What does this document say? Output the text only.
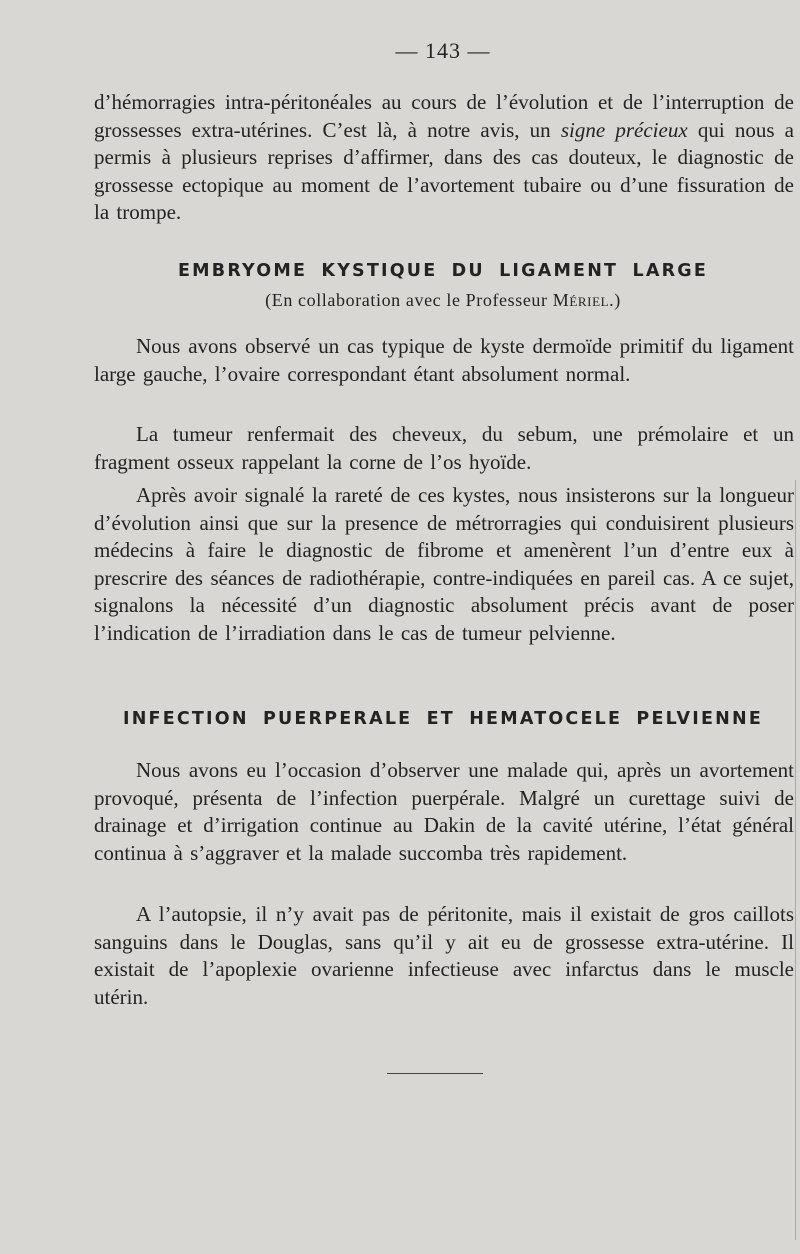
— 143 —

d’hémorragies intra-péritonéales au cours de l’évolution et de l’interruption de grossesses extra-utérines. C’est là, à notre avis, un signe précieux qui nous a permis à plusieurs reprises d’affirmer, dans des cas douteux, le diagnostic de grossesse ectopique au moment de l’avortement tubaire ou d’une fissuration de la trompe.

EMBRYOME KYSTIQUE DU LIGAMENT LARGE

(En collaboration avec le Professeur Mériel.)

Nous avons observé un cas typique de kyste dermoïde primitif du ligament large gauche, l’ovaire correspondant étant absolument normal.

La tumeur renfermait des cheveux, du sebum, une prémolaire et un fragment osseux rappelant la corne de l’os hyoïde.

Après avoir signalé la rareté de ces kystes, nous insisterons sur la longueur d’évolution ainsi que sur la presence de métrorragies qui conduisirent plusieurs médecins à faire le diagnostic de fibrome et amenèrent l’un d’entre eux à prescrire des séances de radiothérapie, contre-indiquées en pareil cas. A ce sujet, signalons la nécessité d’un diagnostic absolument précis avant de poser l’indication de l’irradiation dans le cas de tumeur pelvienne.

INFECTION PUERPERALE ET HEMATOCELE PELVIENNE

Nous avons eu l’occasion d’observer une malade qui, après un avortement provoqué, présenta de l’infection puerpérale. Malgré un curettage suivi de drainage et d’irrigation continue au Dakin de la cavité utérine, l’état général continua à s’aggraver et la malade succomba très rapidement.

A l’autopsie, il n’y avait pas de péritonite, mais il existait de gros caillots sanguins dans le Douglas, sans qu’il y ait eu de grossesse extra-utérine. Il existait de l’apoplexie ovarienne infectieuse avec infarctus dans le muscle utérin.
